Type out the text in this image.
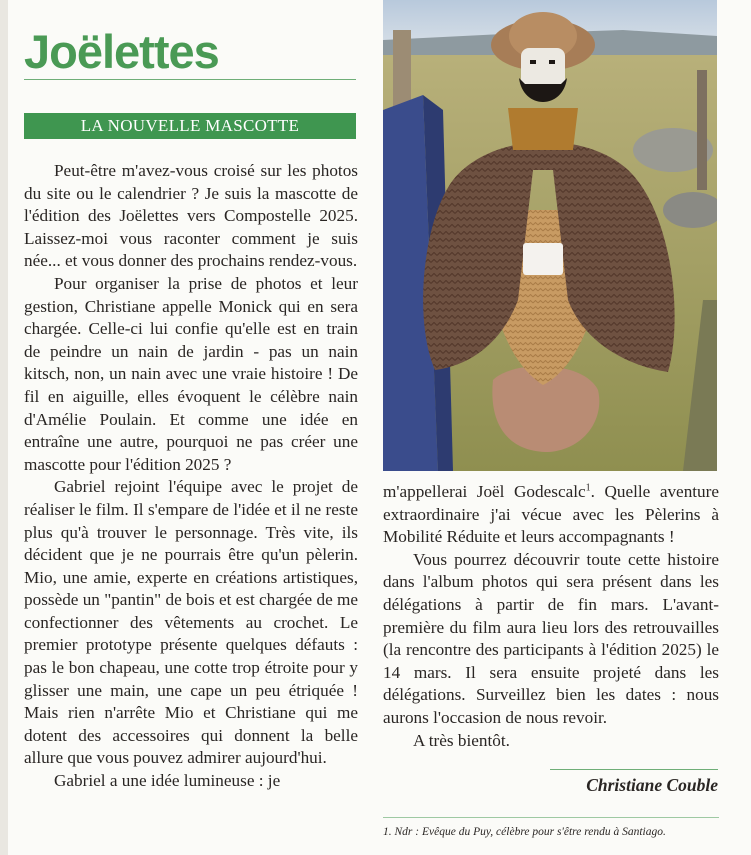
Joëlettes
LA NOUVELLE MASCOTTE

Peut-être m'avez-vous croisé sur les photos du site ou le calendrier ? Je suis la mascotte de l'édition des Joëlettes vers Compostelle 2025. Laissez-moi vous raconter comment je suis née... et vous donner des prochains rendez-vous.

Pour organiser la prise de photos et leur gestion, Christiane appelle Monick qui en sera chargée. Celle-ci lui confie qu'elle est en train de peindre un nain de jardin - pas un nain kitsch, non, un nain avec une vraie histoire ! De fil en aiguille, elles évoquent le célèbre nain d'Amélie Poulain. Et comme une idée en entraîne une autre, pourquoi ne pas créer une mascotte pour l'édition 2025 ?

Gabriel rejoint l'équipe avec le projet de réaliser le film. Il s'empare de l'idée et il ne reste plus qu'à trouver le personnage. Très vite, ils décident que je ne pourrais être qu'un pèlerin. Mio, une amie, experte en créations artistiques, possède un "pantin" de bois et est chargée de me confectionner des vêtements au crochet. Le premier prototype présente quelques défauts : pas le bon chapeau, une cotte trop étroite pour y glisser une main, une cape un peu étriquée ! Mais rien n'arrête Mio et Christiane qui me dotent des accessoires qui donnent la belle allure que vous pouvez admirer aujourd'hui.

Gabriel a une idée lumineuse : je

m'appellerai Joël Godescalc$^1$. Quelle aventure extraordinaire j'ai vécue avec les Pèlerins à Mobilité Réduite et leurs accompagnants !

Vous pourrez découvrir toute cette histoire dans l'album photos qui sera présent dans les délégations à partir de fin mars. L'avant-première du film aura lieu lors des retrouvailles (la rencontre des participants à l'édition 2025) le 14 mars. Il sera ensuite projeté dans les délégations. Surveillez bien les dates : nous aurons l'occasion de nous revoir.

A très bientôt.

Christiane Couble
1. Ndr : Evêque du Puy, célèbre pour s'être rendu à Santiago.
